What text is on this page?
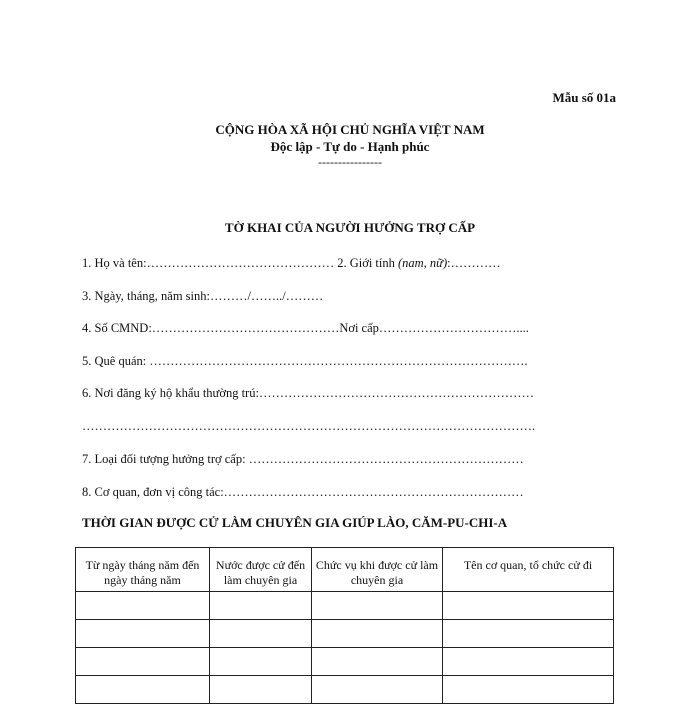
Mẫu số 01a
CỘNG HÒA XÃ HỘI CHỦ NGHĨA VIỆT NAM
Độc lập - Tự do - Hạnh phúc
----------------
TỜ KHAI CỦA NGƯỜI HƯỞNG TRỢ CẤP
1. Họ và tên:……………………………………… 2. Giới tính (nam, nữ):…………
3. Ngày, tháng, năm sinh:………/……../………
4. Số CMND:………………………………………Nơi cấp……………………………....
5. Quê quán: ……………………………………………………………………………….
6. Nơi đăng ký hộ khẩu thường trú:…………………………………………………………
……………………………………………………………………………………………….
7. Loại đối tượng hưởng trợ cấp: …………………………………………………………
8. Cơ quan, đơn vị công tác:………………………………………………………………
THỜI GIAN ĐƯỢC CỬ LÀM CHUYÊN GIA GIÚP LÀO, CĂM-PU-CHI-A
Từ ngày tháng năm đến ngày tháng năm	Nước được cử đến làm chuyên gia	Chức vụ khi được cử làm chuyên gia	Tên cơ quan, tổ chức cử đi
